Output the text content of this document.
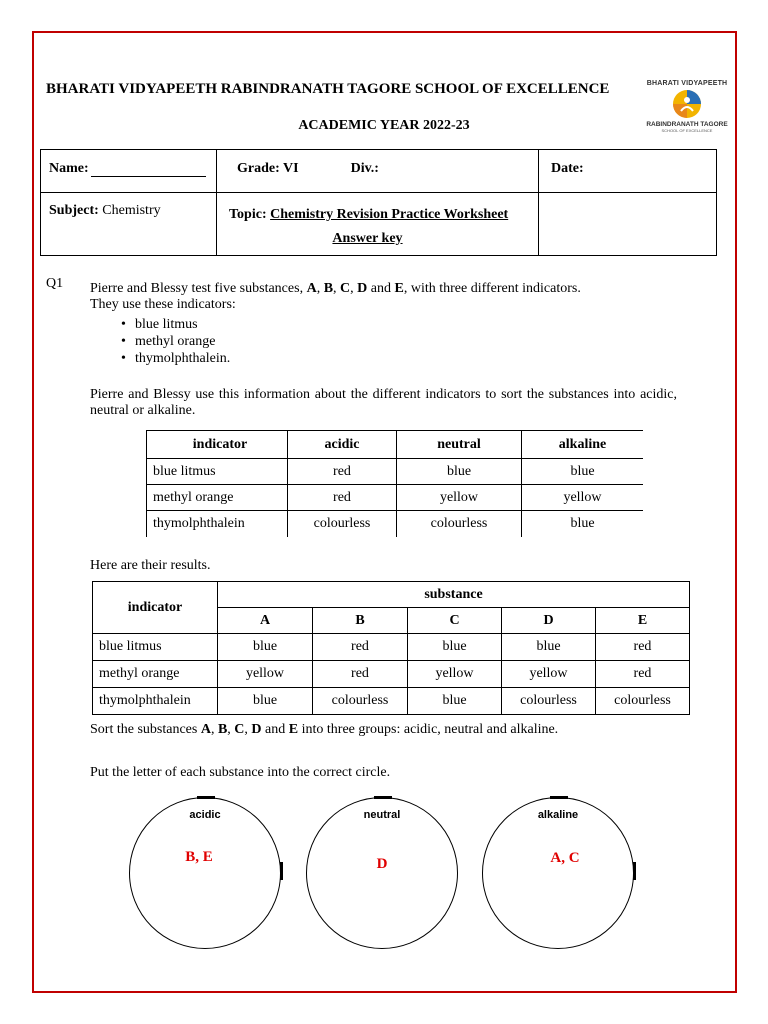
BHARATI VIDYAPEETH RABINDRANATH TAGORE SCHOOL OF EXCELLENCE
ACADEMIC YEAR 2022-23
BHARATI VIDYAPEETH
RABINDRANATH TAGORE
SCHOOL OF EXCELLENCE
Name:	Grade: VI Div.:	Date:
Subject: Chemistry	Topic: Chemistry Revision Practice Worksheet
Answer key	

Q1 Pierre and Blessy test five substances, A, B, C, D and E, with three different indicators.
They use these indicators:
• blue litmus
• methyl orange
• thymolphthalein.
Pierre and Blessy use this information about the different indicators to sort the substances into acidic, neutral or alkaline.
indicator	acidic	neutral	alkaline
blue litmus	red	blue	blue
methyl orange	red	yellow	yellow
thymolphthalein	colourless	colourless	blue
Here are their results.
indicator	substance				
	A	B	C	D	E
blue litmus	blue	red	blue	blue	red
methyl orange	yellow	red	yellow	yellow	red
thymolphthalein	blue	colourless	blue	colourless	colourless
Sort the substances A, B, C, D and E into three groups: acidic, neutral and alkaline.
Put the letter of each substance into the correct circle.
acidic
B, E
neutral
D
alkaline
A, C
